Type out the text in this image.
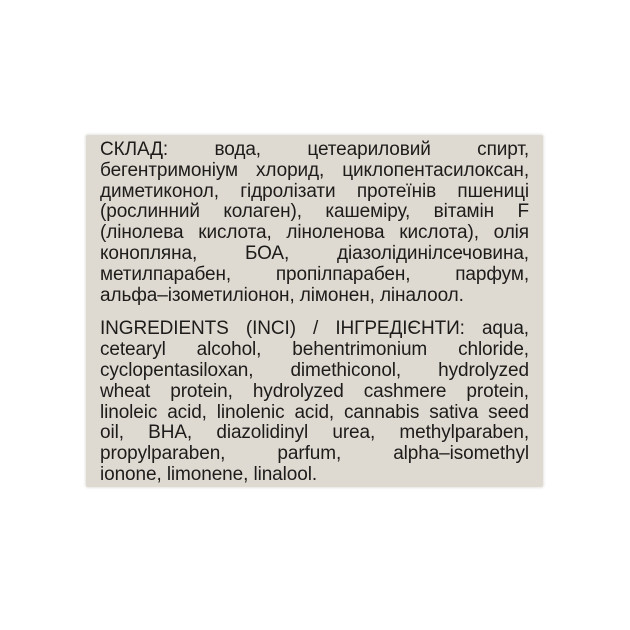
СКЛАД: вода, цетеариловий спирт,
бегентримоніум хлорид, циклопентасилоксан,
диметиконол, гідролізати протеїнів пшениці
(рослинний колаген), кашеміру, вітамін F
(лінолева кислота, ліноленова кислота), олія
конопляна, БОА, діазолідинілсечовина,
метилпарабен, пропілпарабен, парфум,
альфа–ізометиліонон, лімонен, ліналоол.
INGREDIENTS (INCI) / ІНГРЕДІЄНТИ: aqua,
cetearyl alcohol, behentrimonium chloride,
cyclopentasiloxan, dimethiconol, hydrolyzed
wheat protein, hydrolyzed cashmere protein,
linoleic acid, linolenic acid, cannabis sativa seed
oil, BHA, diazolidinyl urea, methylparaben,
propylparaben, parfum, alpha–isomethyl
ionone, limonene, linalool.
